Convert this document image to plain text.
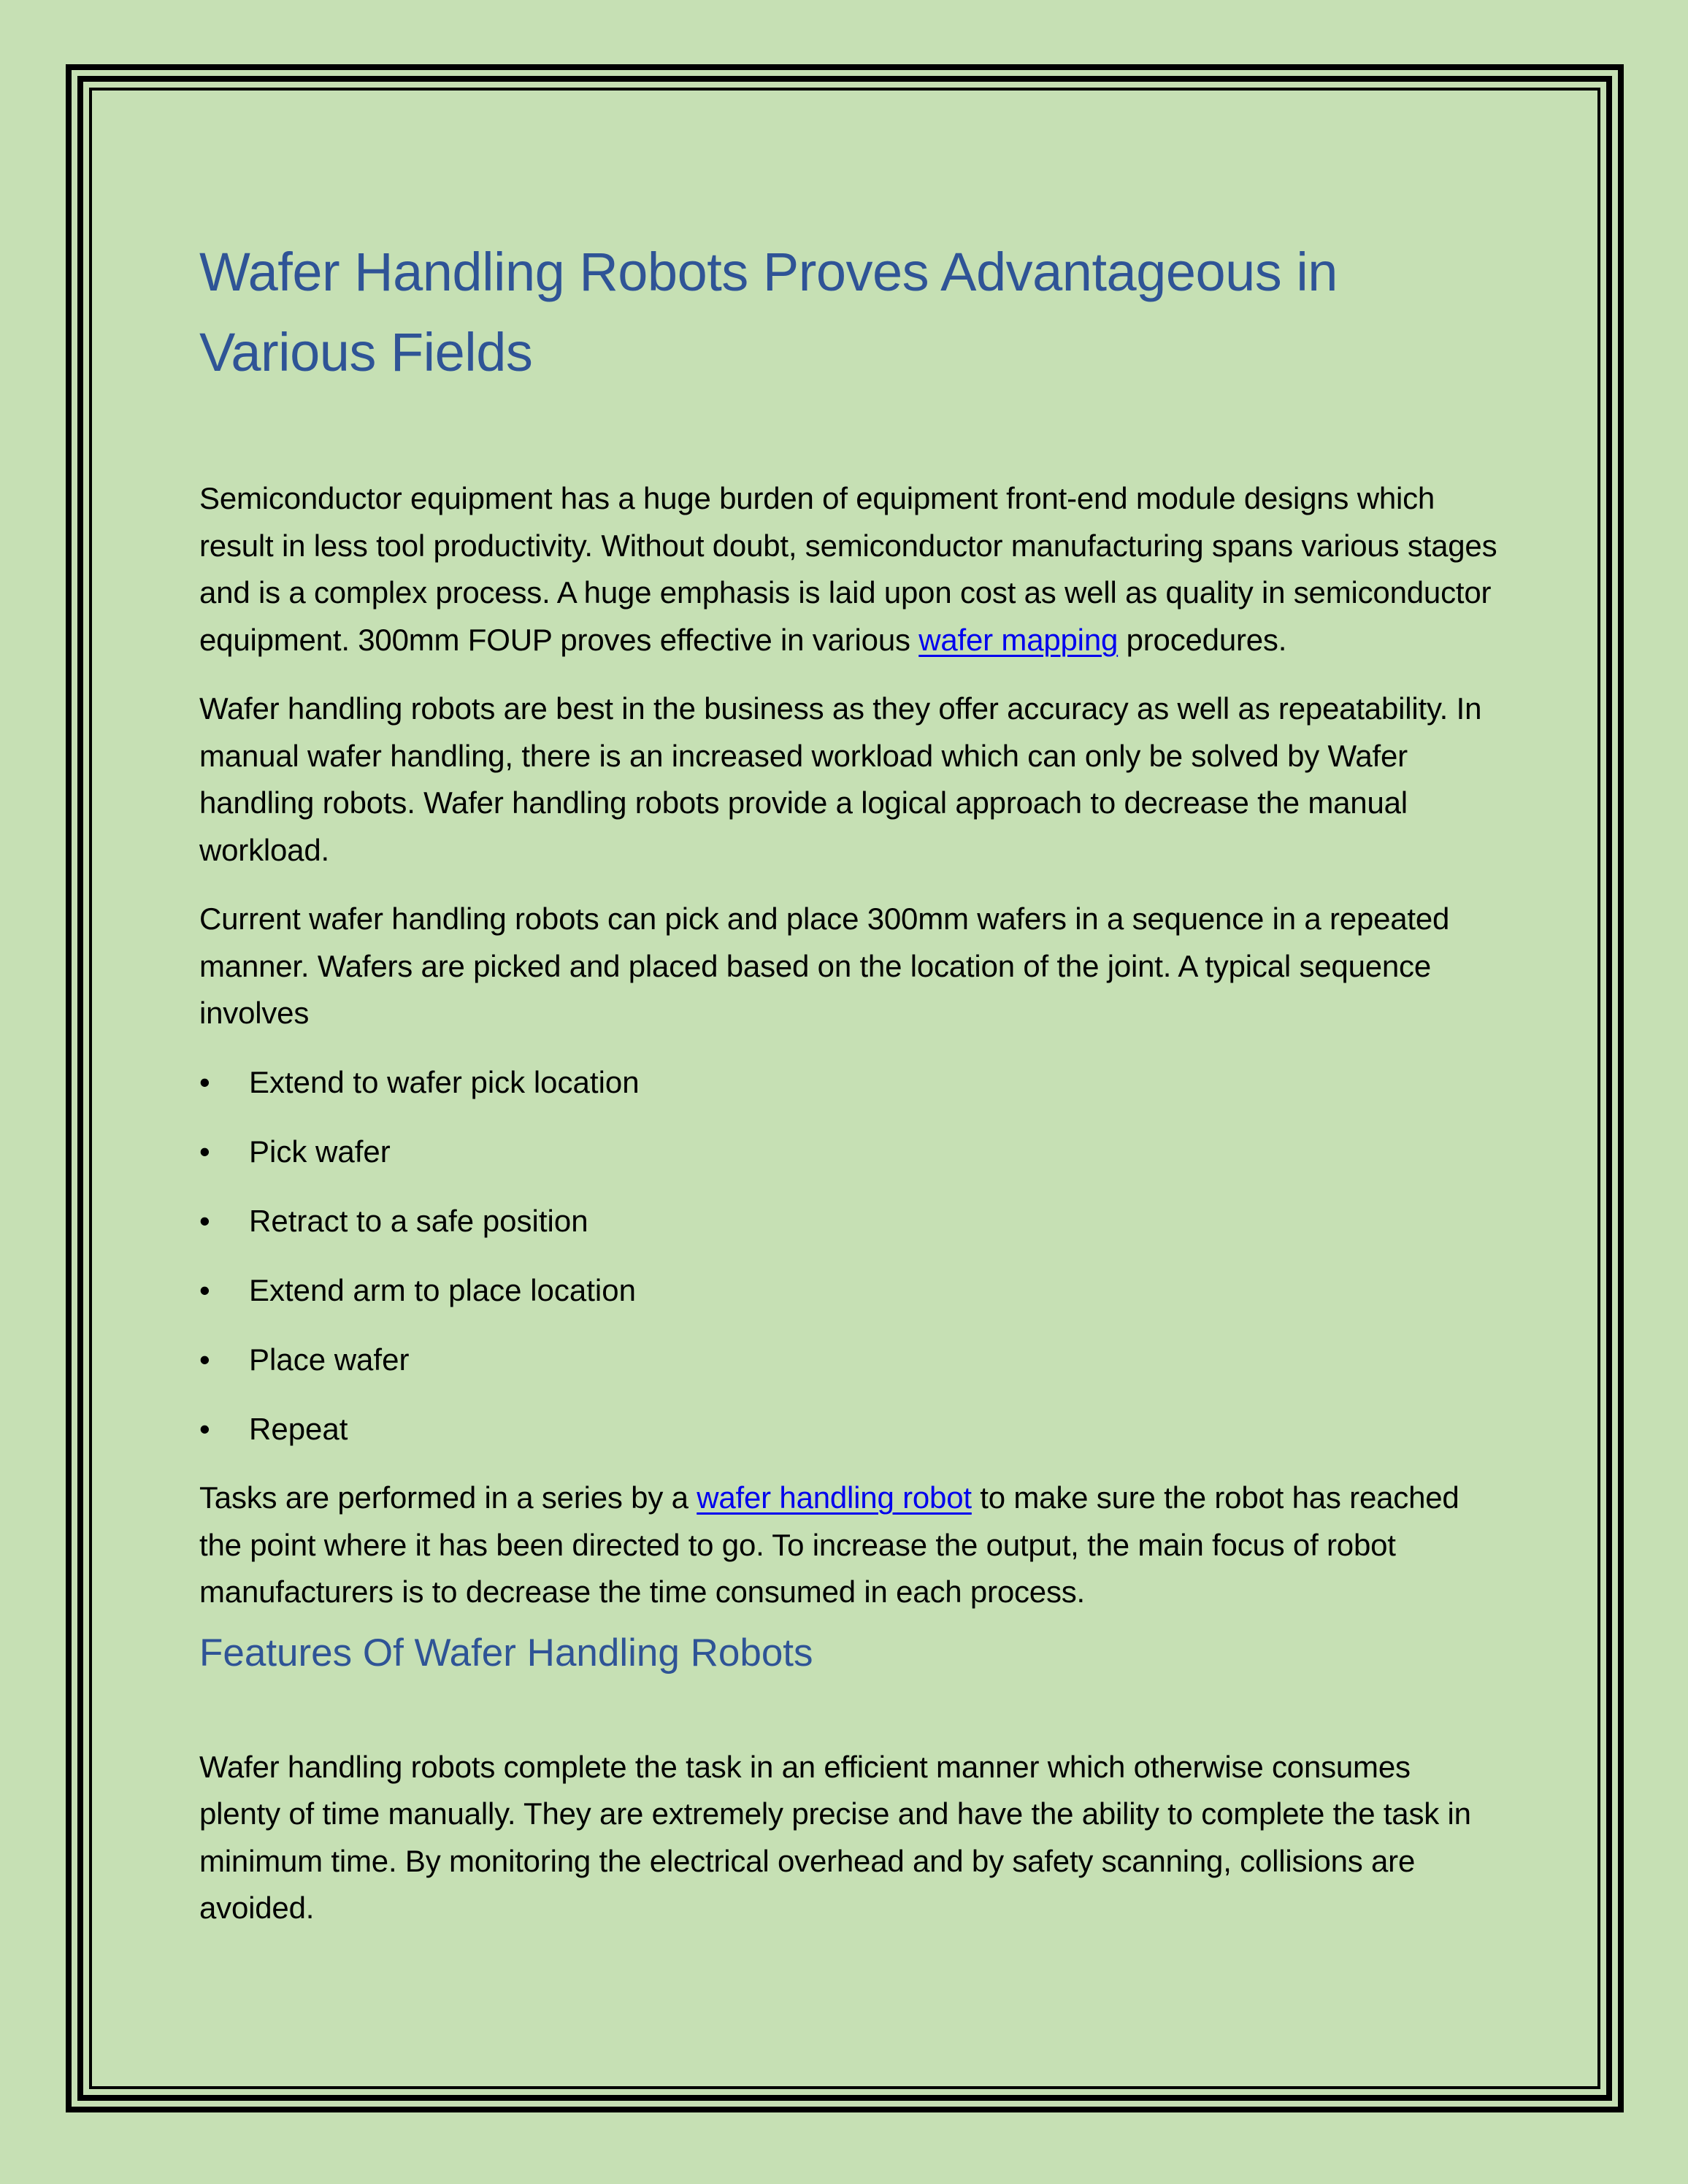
Wafer Handling Robots Proves Advantageous in Various Fields

Semiconductor equipment has a huge burden of equipment front-end module designs which result in less tool productivity. Without doubt, semiconductor manufacturing spans various stages and is a complex process. A huge emphasis is laid upon cost as well as quality in semiconductor equipment. 300mm FOUP proves effective in various wafer mapping procedures.

Wafer handling robots are best in the business as they offer accuracy as well as repeatability. In manual wafer handling, there is an increased workload which can only be solved by Wafer handling robots. Wafer handling robots provide a logical approach to decrease the manual workload.

Current wafer handling robots can pick and place 300mm wafers in a sequence in a repeated manner. Wafers are picked and placed based on the location of the joint. A typical sequence involves

• Extend to wafer pick location
• Pick wafer
• Retract to a safe position
• Extend arm to place location
• Place wafer
• Repeat

Tasks are performed in a series by a wafer handling robot to make sure the robot has reached the point where it has been directed to go. To increase the output, the main focus of robot manufacturers is to decrease the time consumed in each process.

Features Of Wafer Handling Robots

Wafer handling robots complete the task in an efficient manner which otherwise consumes plenty of time manually. They are extremely precise and have the ability to complete the task in minimum time. By monitoring the electrical overhead and by safety scanning, collisions are avoided.
